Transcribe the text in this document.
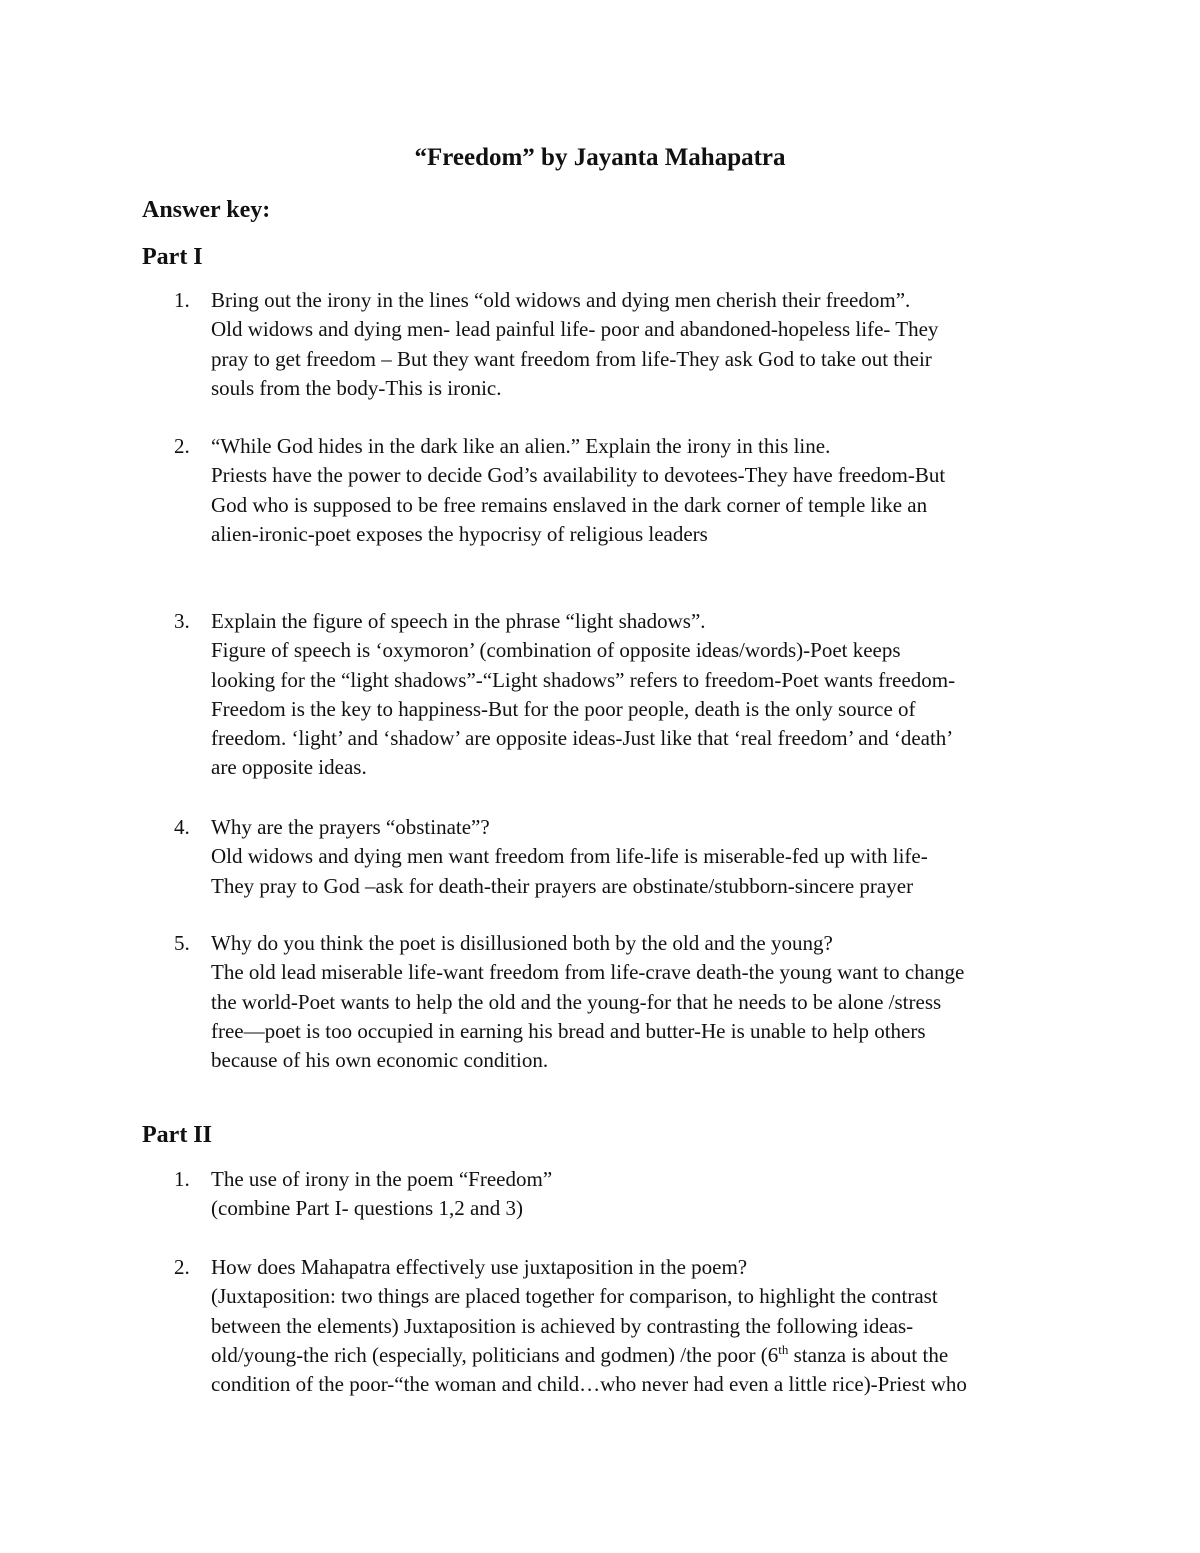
“Freedom” by Jayanta Mahapatra
Answer key:
Part I
1.	Bring out the irony in the lines “old widows and dying men cherish their freedom”.
Old widows and dying men- lead painful life- poor and abandoned-hopeless life- They
pray to get freedom – But they want freedom from life-They ask God to take out their
souls from the body-This is ironic.
2.	“While God hides in the dark like an alien.” Explain the irony in this line.
Priests have the power to decide God’s availability to devotees-They have freedom-But
God who is supposed to be free remains enslaved in the dark corner of temple like an
alien-ironic-poet exposes the hypocrisy of religious leaders
3.	Explain the figure of speech in the phrase “light shadows”.
Figure of speech is ‘oxymoron’ (combination of opposite ideas/words)-Poet keeps
looking for the “light shadows”-“Light shadows” refers to freedom-Poet wants freedom-
Freedom is the key to happiness-But for the poor people, death is the only source of
freedom. ‘light’ and ‘shadow’ are opposite ideas-Just like that ‘real freedom’ and ‘death’
are opposite ideas.
4.	Why are the prayers “obstinate”?
Old widows and dying men want freedom from life-life is miserable-fed up with life-
They pray to God –ask for death-their prayers are obstinate/stubborn-sincere prayer
5.	Why do you think the poet is disillusioned both by the old and the young?
The old lead miserable life-want freedom from life-crave death-the young want to change
the world-Poet wants to help the old and the young-for that he needs to be alone /stress
free—poet is too occupied in earning his bread and butter-He is unable to help others
because of his own economic condition.
Part II
1.	The use of irony in the poem “Freedom”
(combine Part I- questions 1,2 and 3)
2.	How does Mahapatra effectively use juxtaposition in the poem?
(Juxtaposition: two things are placed together for comparison, to highlight the contrast
between the elements) Juxtaposition is achieved by contrasting the following ideas-
old/young-the rich (especially, politicians and godmen) /the poor (6th stanza is about the
condition of the poor-“the woman and child…who never had even a little rice)-Priest who
